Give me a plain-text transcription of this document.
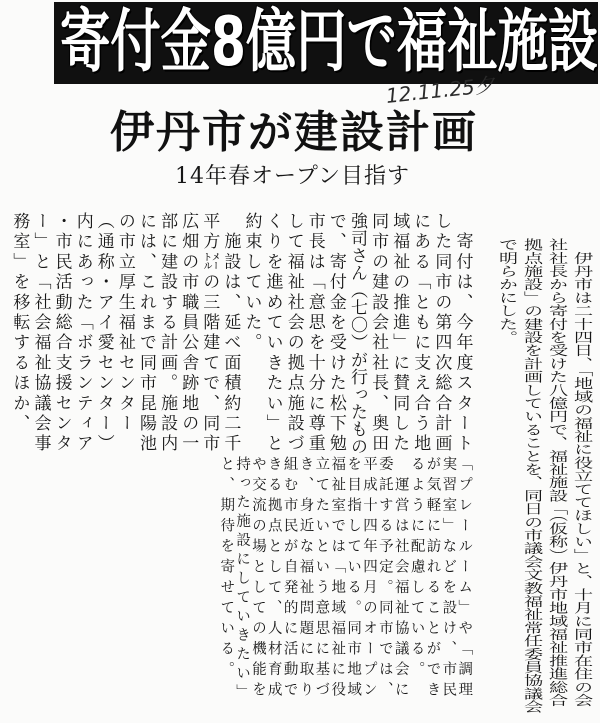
寄付金8億円で福祉施設
12.11.25夕
伊丹市が建設計画
14年春オープン目指す
　伊丹市は二十四日、「地域の福祉に役立ててほしい」と、十月に同市在住の会
社社長から寄付を受けた八億円で、福祉施設「（仮称）伊丹市地域福祉推進総合
拠点施設」の建設を計画していることを、同日の市議会文教福祉常任委員協議会
で明らかにした。
　寄付は、今年度スタート
した同市の第四次総合計画
にある「ともに支え合う地
域福祉の推進」に賛同した
同市の建設会社社長、奥田
強司さん（七〇）が行ったもの
で、寄付金を受けた松下勉
市長は「意思を十分に尊重
して福祉社会の拠点施設づ
くりを進めていきたい」と
約束していた。
　施設は、延べ面積約二千
平方㍍の三階建てで、同市
広畑の市職員公舎跡地の一
部に建設する計画。施設内
には、これまで同市昆陽池
の市立厚生福祉センター
（通称・アイ愛センター）
内にあった「ボランティア
・市民活動総合支援センタ
ー」と「社会福祉協議会事
務室」を移転するほか、
「プレールーム」や「調理
実習室」などを設け、市民
が気軽に訪れることができ
るように配慮している。
　運営は社会福祉協議会に
委託する予定。同市では、
平成十四年四月のオープン
を目指している。同市地域
福祉室では「地域福祉に役
立てたいという意思に基づ
き、身近な福祉問題に取り
組む市民が自発的に活動で
きる拠点として、人材育成
や交流の場としての機能を
持った施設にしていきたい」
と、期待を寄せている。
